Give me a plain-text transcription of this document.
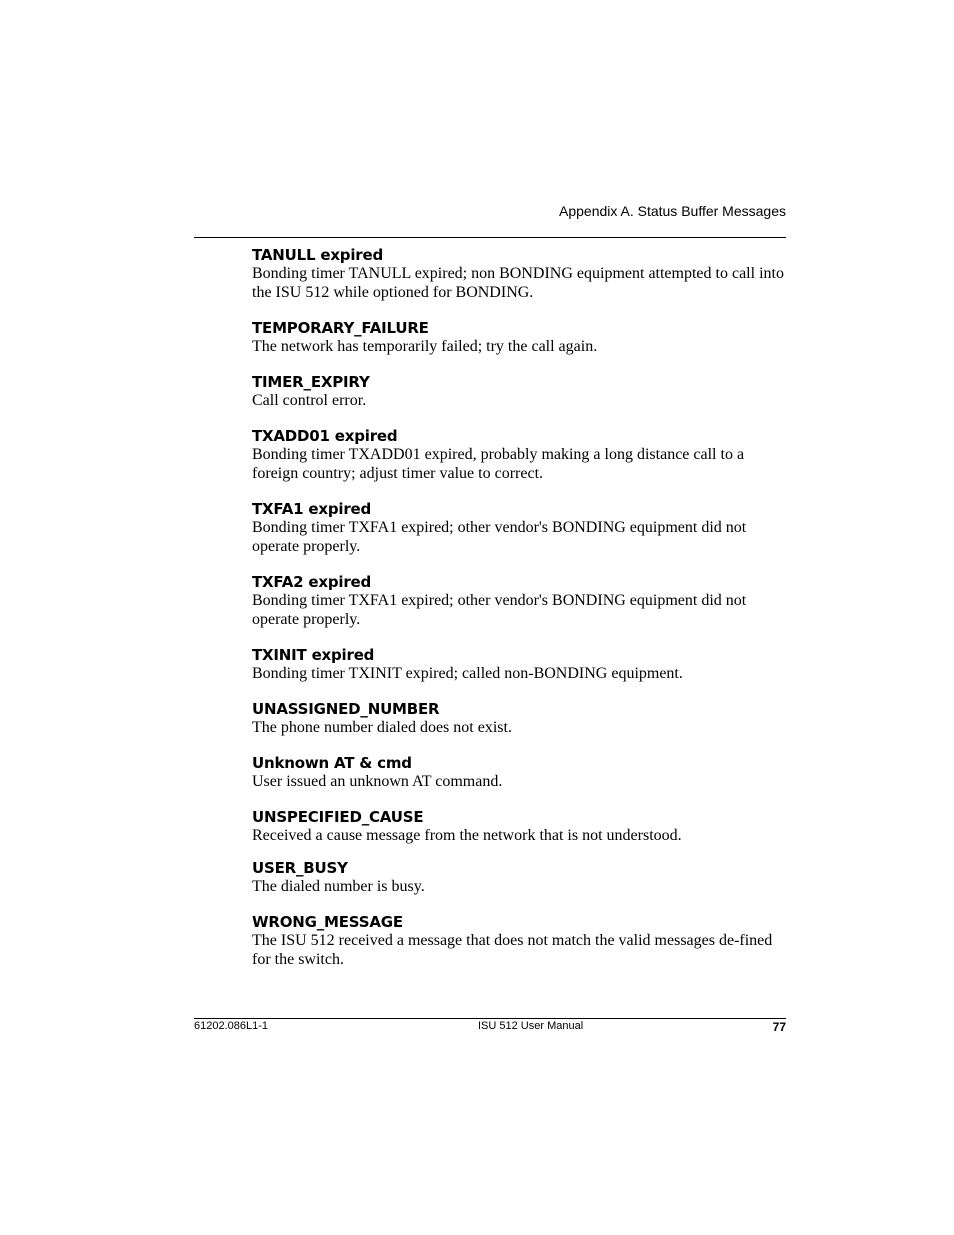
Appendix A. Status Buffer Messages
TANULL expired
Bonding timer TANULL expired; non BONDING equipment attempted to call into the ISU 512 while optioned for BONDING.
TEMPORARY_FAILURE
The network has temporarily failed; try the call again.
TIMER_EXPIRY
Call control error.
TXADD01 expired
Bonding timer TXADD01 expired, probably making a long distance call to a foreign country; adjust timer value to correct.
TXFA1 expired
Bonding timer TXFA1 expired; other vendor's BONDING equipment did not operate properly.
TXFA2 expired
Bonding timer TXFA1 expired; other vendor's BONDING equipment did not operate properly.
TXINIT expired
Bonding timer TXINIT expired; called non-BONDING equipment.
UNASSIGNED_NUMBER
The phone number dialed does not exist.
Unknown AT & cmd
User issued an unknown AT command.
UNSPECIFIED_CAUSE
Received a cause message from the network that is not understood.
USER_BUSY
The dialed number is busy.
WRONG_MESSAGE
The ISU 512 received a message that does not match the valid messages de-fined for the switch.
61202.086L1-1	ISU 512 User Manual	77
